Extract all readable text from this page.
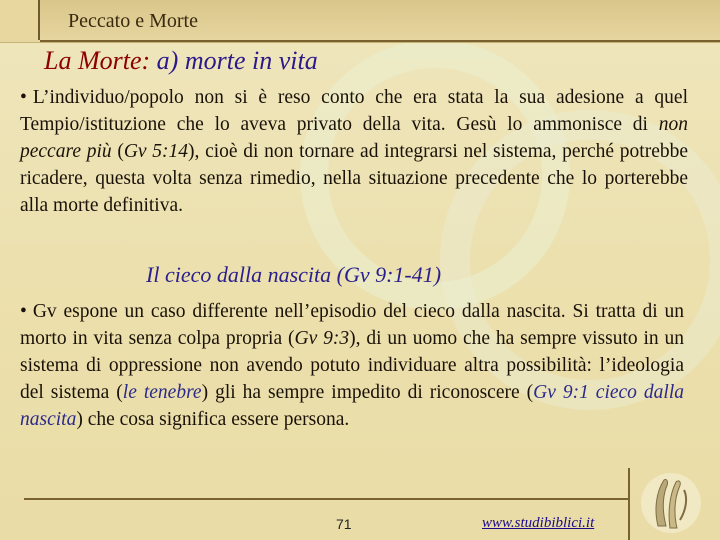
Peccato e Morte
La Morte: a) morte in vita
• L’individuo/popolo non si è reso conto che era stata la sua adesione a quel Tempio/istituzione che lo aveva privato della vita. Gesù lo ammonisce di non peccare più (Gv 5:14), cioè di non tornare ad integrarsi nel sistema, perché potrebbe ricadere, questa volta senza rimedio, nella situazione precedente che lo porterebbe alla morte definitiva.
Il cieco dalla nascita (Gv 9:1-41)
• Gv espone un caso differente nell’episodio del cieco dalla nascita. Si tratta di un morto in vita senza colpa propria (Gv 9:3), di un uomo che ha sempre vissuto in un sistema di oppressione non avendo potuto individuare altra possibilità: l’ideologia del sistema (le tenebre) gli ha sempre impedito di riconoscere (Gv 9:1 cieco dalla nascita) che cosa significa essere persona.
71	www.studibiblici.it
